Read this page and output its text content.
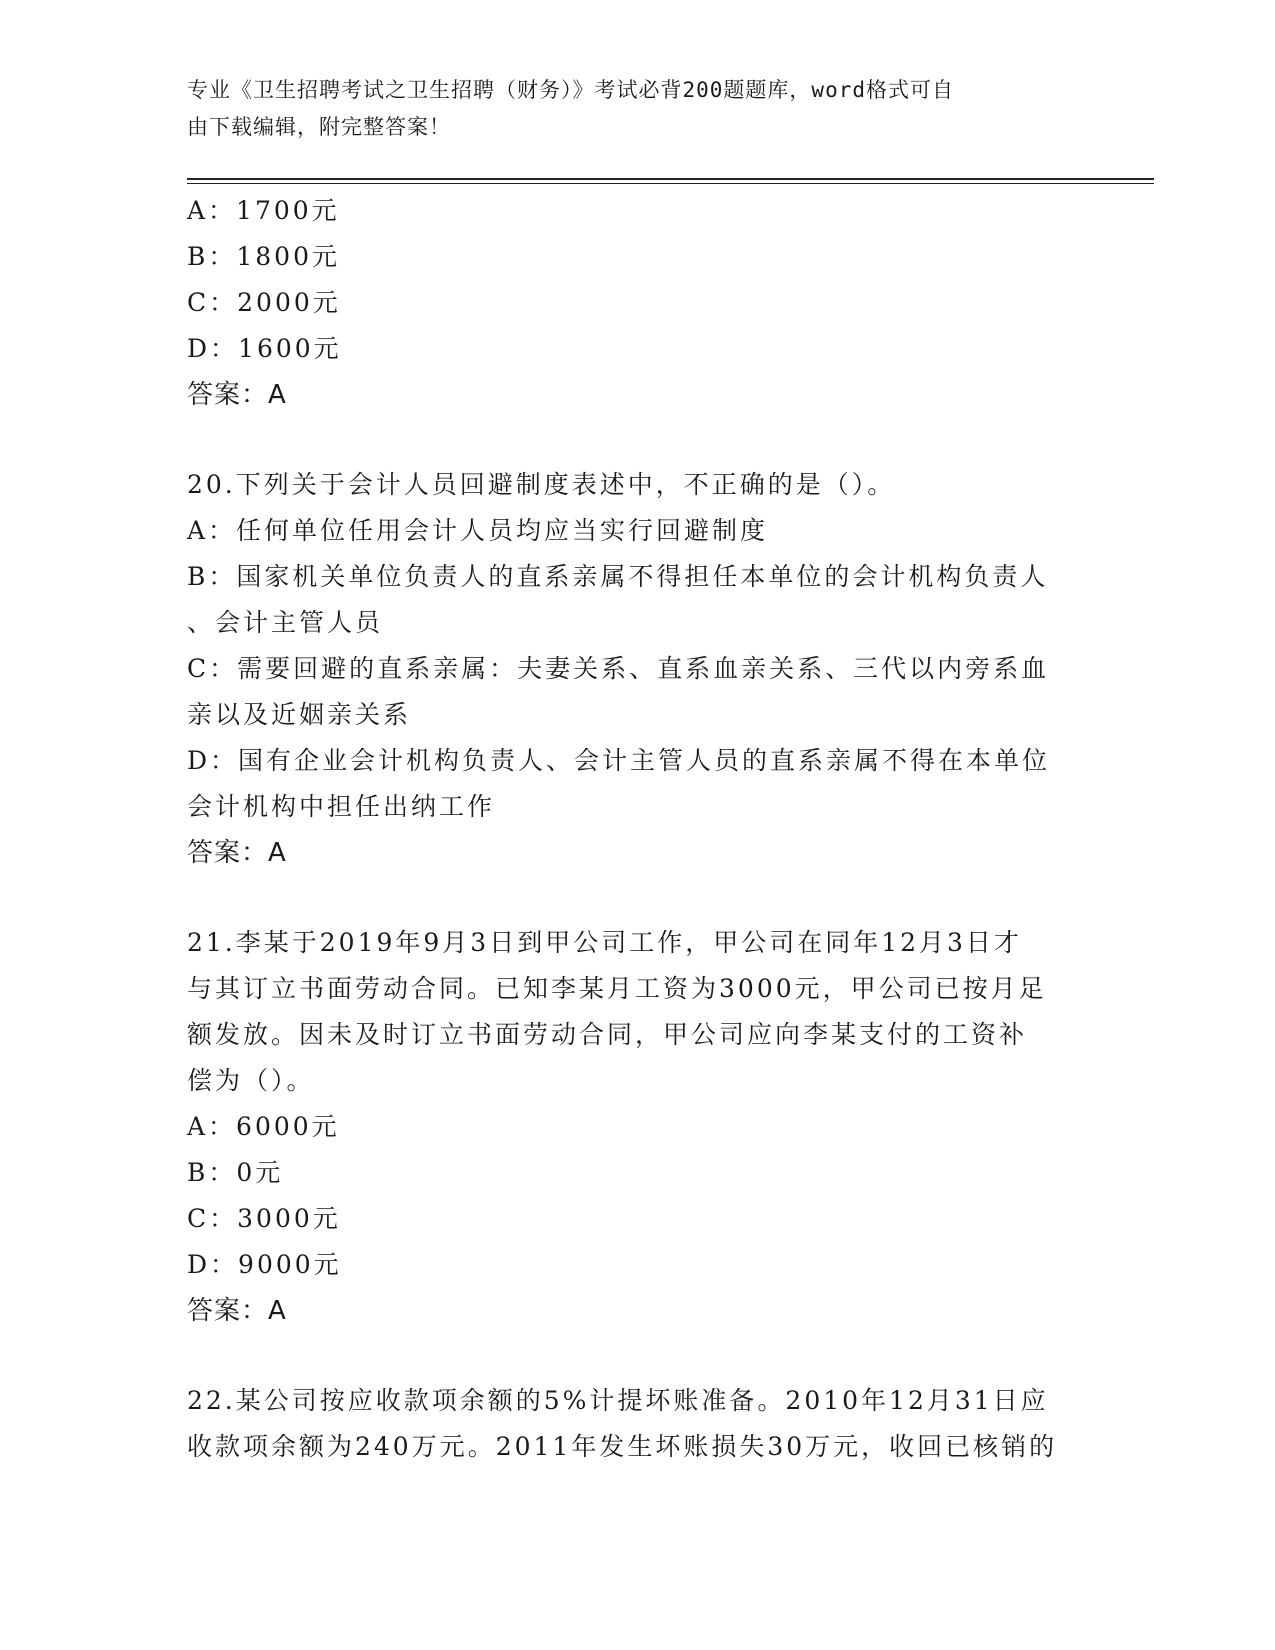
专业《卫生招聘考试之卫生招聘（财务）》考试必背200题题库，word格式可自
由下载编辑，附完整答案！
A：1700元
B：1800元
C：2000元
D：1600元
答案：A
20.下列关于会计人员回避制度表述中，不正确的是（）。
A：任何单位任用会计人员均应当实行回避制度
B：国家机关单位负责人的直系亲属不得担任本单位的会计机构负责人
、会计主管人员
C：需要回避的直系亲属：夫妻关系、直系血亲关系、三代以内旁系血
亲以及近姻亲关系
D：国有企业会计机构负责人、会计主管人员的直系亲属不得在本单位
会计机构中担任出纳工作
答案：A
21.李某于2019年9月3日到甲公司工作，甲公司在同年12月3日才
与其订立书面劳动合同。已知李某月工资为3000元，甲公司已按月足
额发放。因未及时订立书面劳动合同，甲公司应向李某支付的工资补
偿为（）。
A：6000元
B：0元
C：3000元
D：9000元
答案：A
22.某公司按应收款项余额的5%计提坏账准备。2010年12月31日应
收款项余额为240万元。2011年发生坏账损失30万元，收回已核销的
